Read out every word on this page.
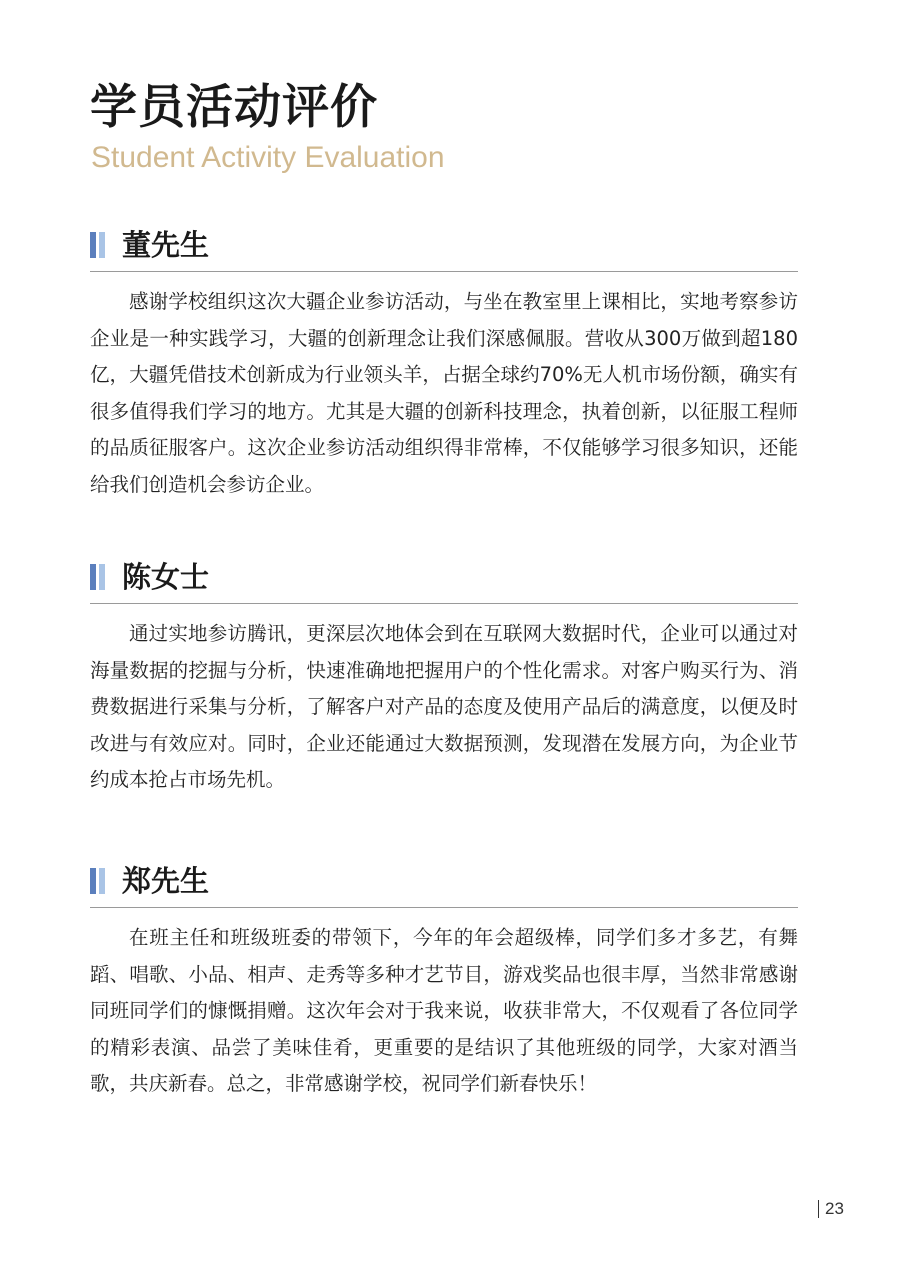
学员活动评价
Student Activity Evaluation
董先生

感谢学校组织这次大疆企业参访活动，与坐在教室里上课相比，实地考察参访企业是一种实践学习，大疆的创新理念让我们深感佩服。营收从300万做到超180亿，大疆凭借技术创新成为行业领头羊，占据全球约70%无人机市场份额，确实有很多值得我们学习的地方。尤其是大疆的创新科技理念，执着创新，以征服工程师的品质征服客户。这次企业参访活动组织得非常棒，不仅能够学习很多知识，还能给我们创造机会参访企业。

陈女士

通过实地参访腾讯，更深层次地体会到在互联网大数据时代，企业可以通过对海量数据的挖掘与分析，快速准确地把握用户的个性化需求。对客户购买行为、消费数据进行采集与分析，了解客户对产品的态度及使用产品后的满意度，以便及时改进与有效应对。同时，企业还能通过大数据预测，发现潜在发展方向，为企业节约成本抢占市场先机。

郑先生

在班主任和班级班委的带领下，今年的年会超级棒，同学们多才多艺，有舞蹈、唱歌、小品、相声、走秀等多种才艺节目，游戏奖品也很丰厚，当然非常感谢同班同学们的慷慨捐赠。这次年会对于我来说，收获非常大，不仅观看了各位同学的精彩表演、品尝了美味佳肴，更重要的是结识了其他班级的同学，大家对酒当歌，共庆新春。总之，非常感谢学校，祝同学们新春快乐！

23
